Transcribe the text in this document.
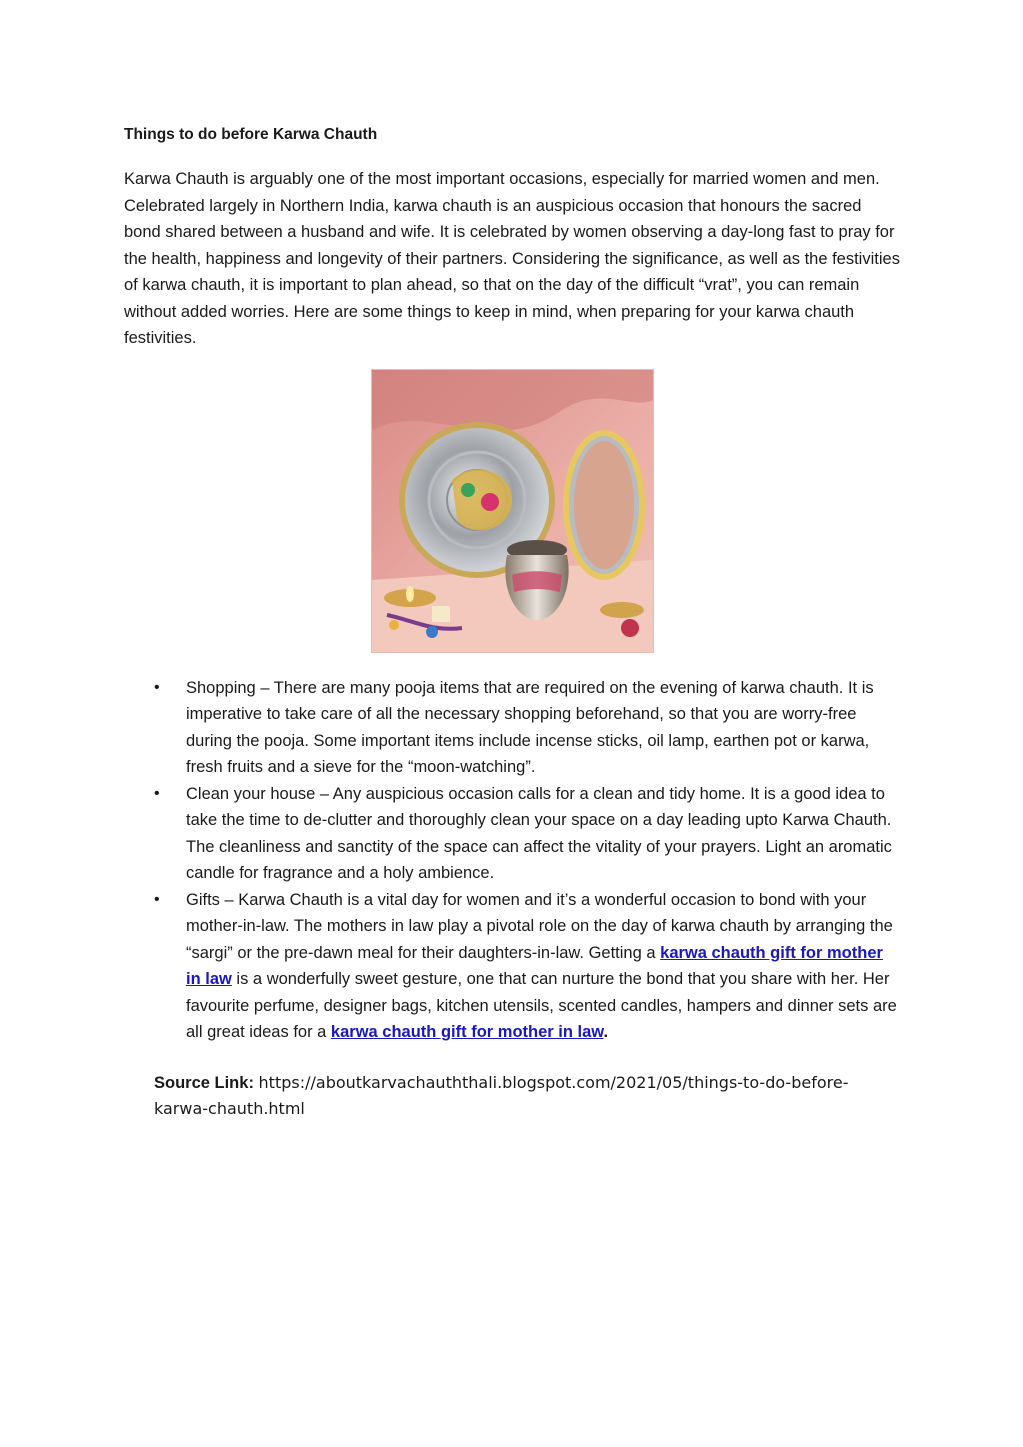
Things to do before Karwa Chauth

Karwa Chauth is arguably one of the most important occasions, especially for married women and men. Celebrated largely in Northern India, karwa chauth is an auspicious occasion that honours the sacred bond shared between a husband and wife. It is celebrated by women observing a day-long fast to pray for the health, happiness and longevity of their partners. Considering the significance, as well as the festivities of karwa chauth, it is important to plan ahead, so that on the day of the difficult “vrat”, you can remain without added worries. Here are some things to keep in mind, when preparing for your karwa chauth festivities.

• Shopping – There are many pooja items that are required on the evening of karwa chauth. It is imperative to take care of all the necessary shopping beforehand, so that you are worry-free during the pooja. Some important items include incense sticks, oil lamp, earthen pot or karwa, fresh fruits and a sieve for the “moon-watching”.
• Clean your house – Any auspicious occasion calls for a clean and tidy home. It is a good idea to take the time to de-clutter and thoroughly clean your space on a day leading upto Karwa Chauth. The cleanliness and sanctity of the space can affect the vitality of your prayers. Light an aromatic candle for fragrance and a holy ambience.
• Gifts – Karwa Chauth is a vital day for women and it’s a wonderful occasion to bond with your mother-in-law. The mothers in law play a pivotal role on the day of karwa chauth by arranging the “sargi” or the pre-dawn meal for their daughters-in-law. Getting a karwa chauth gift for mother in law is a wonderfully sweet gesture, one that can nurture the bond that you share with her. Her favourite perfume, designer bags, kitchen utensils, scented candles, hampers and dinner sets are all great ideas for a karwa chauth gift for mother in law.
Source Link: https://aboutkarvachauththali.blogspot.com/2021/05/things-to-do-before-karwa-chauth.html
